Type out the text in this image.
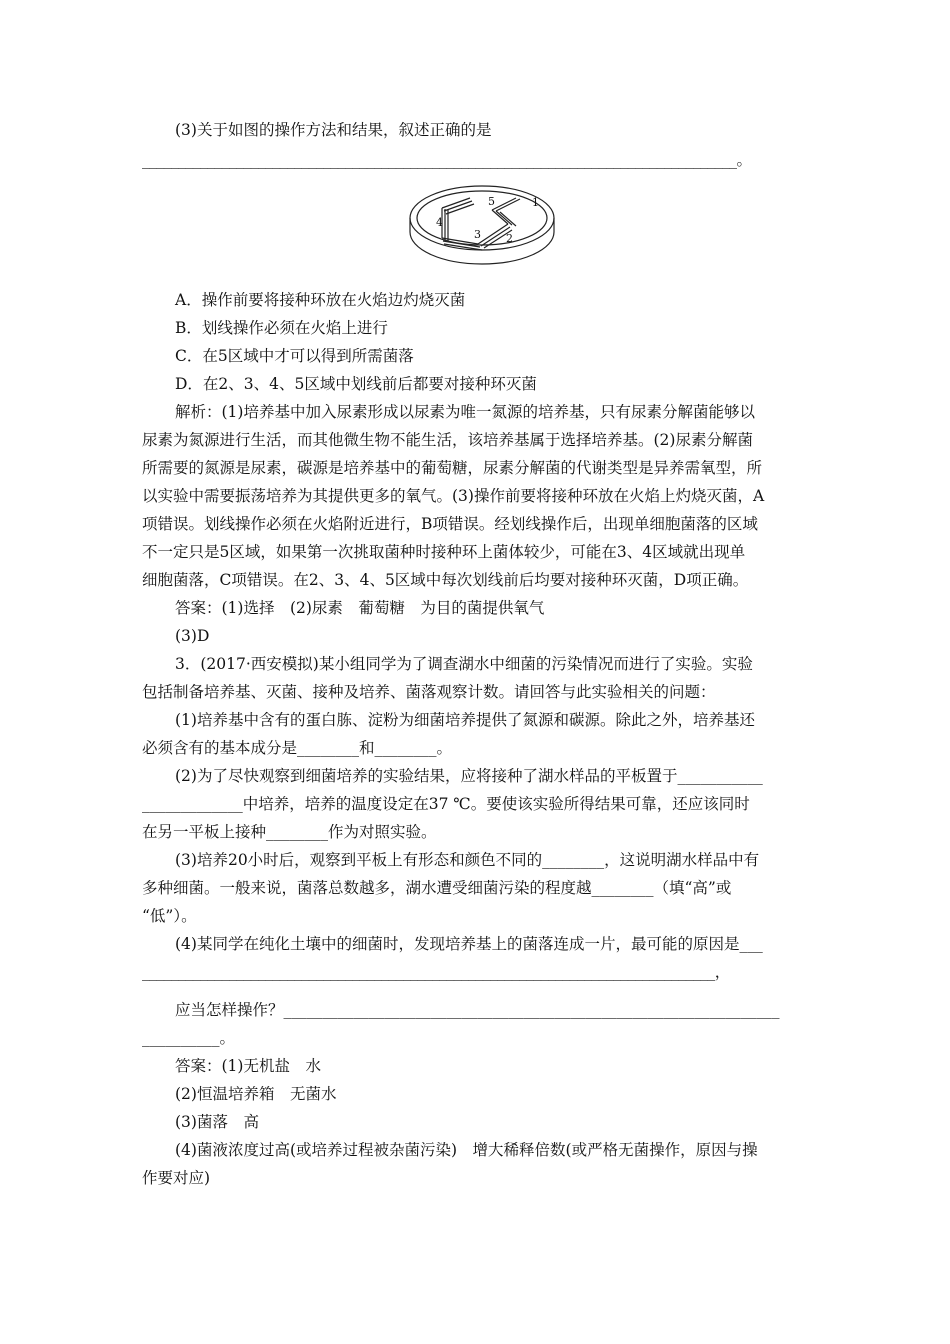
(3)关于如图的操作方法和结果，叙述正确的是
__________________________________________________________________________________。
1
2
3
4
5
A．操作前要将接种环放在火焰边灼烧灭菌
B．划线操作必须在火焰上进行
C．在5区域中才可以得到所需菌落
D．在2、3、4、5区域中划线前后都要对接种环灭菌
解析：(1)培养基中加入尿素形成以尿素为唯一氮源的培养基，只有尿素分解菌能够以
尿素为氮源进行生活，而其他微生物不能生活，该培养基属于选择培养基。(2)尿素分解菌
所需要的氮源是尿素，碳源是培养基中的葡萄糖，尿素分解菌的代谢类型是异养需氧型，所
以实验中需要振荡培养为其提供更多的氧气。(3)操作前要将接种环放在火焰上灼烧灭菌，A
项错误。划线操作必须在火焰附近进行，B项错误。经划线操作后，出现单细胞菌落的区域
不一定只是5区域，如果第一次挑取菌种时接种环上菌体较少，可能在3、4区域就出现单
细胞菌落，C项错误。在2、3、4、5区域中每次划线前后均要对接种环灭菌，D项正确。
答案：(1)选择　(2)尿素　葡萄糖　为目的菌提供氧气
(3)D
3．(2017·西安模拟)某小组同学为了调查湖水中细菌的污染情况而进行了实验。实验
包括制备培养基、灭菌、接种及培养、菌落观察计数。请回答与此实验相关的问题：
(1)培养基中含有的蛋白胨、淀粉为细菌培养提供了氮源和碳源。除此之外，培养基还
必须含有的基本成分是________和________。
(2)为了尽快观察到细菌培养的实验结果，应将接种了湖水样品的平板置于___________
_____________中培养，培养的温度设定在37 ℃。要使该实验所得结果可靠，还应该同时
在另一平板上接种________作为对照实验。
(3)培养20小时后，观察到平板上有形态和颜色不同的________，这说明湖水样品中有
多种细菌。一般来说，菌落总数越多，湖水遭受细菌污染的程度越________（填“高”或
“低”）。
(4)某同学在纯化土壤中的细菌时，发现培养基上的菌落连成一片，最可能的原因是___
_______________________________________________________________________________，
应当怎样操作？________________________________________________________________
__________。
答案：(1)无机盐　水
(2)恒温培养箱　无菌水
(3)菌落　高
(4)菌液浓度过高(或培养过程被杂菌污染)　增大稀释倍数(或严格无菌操作，原因与操
作要对应)
